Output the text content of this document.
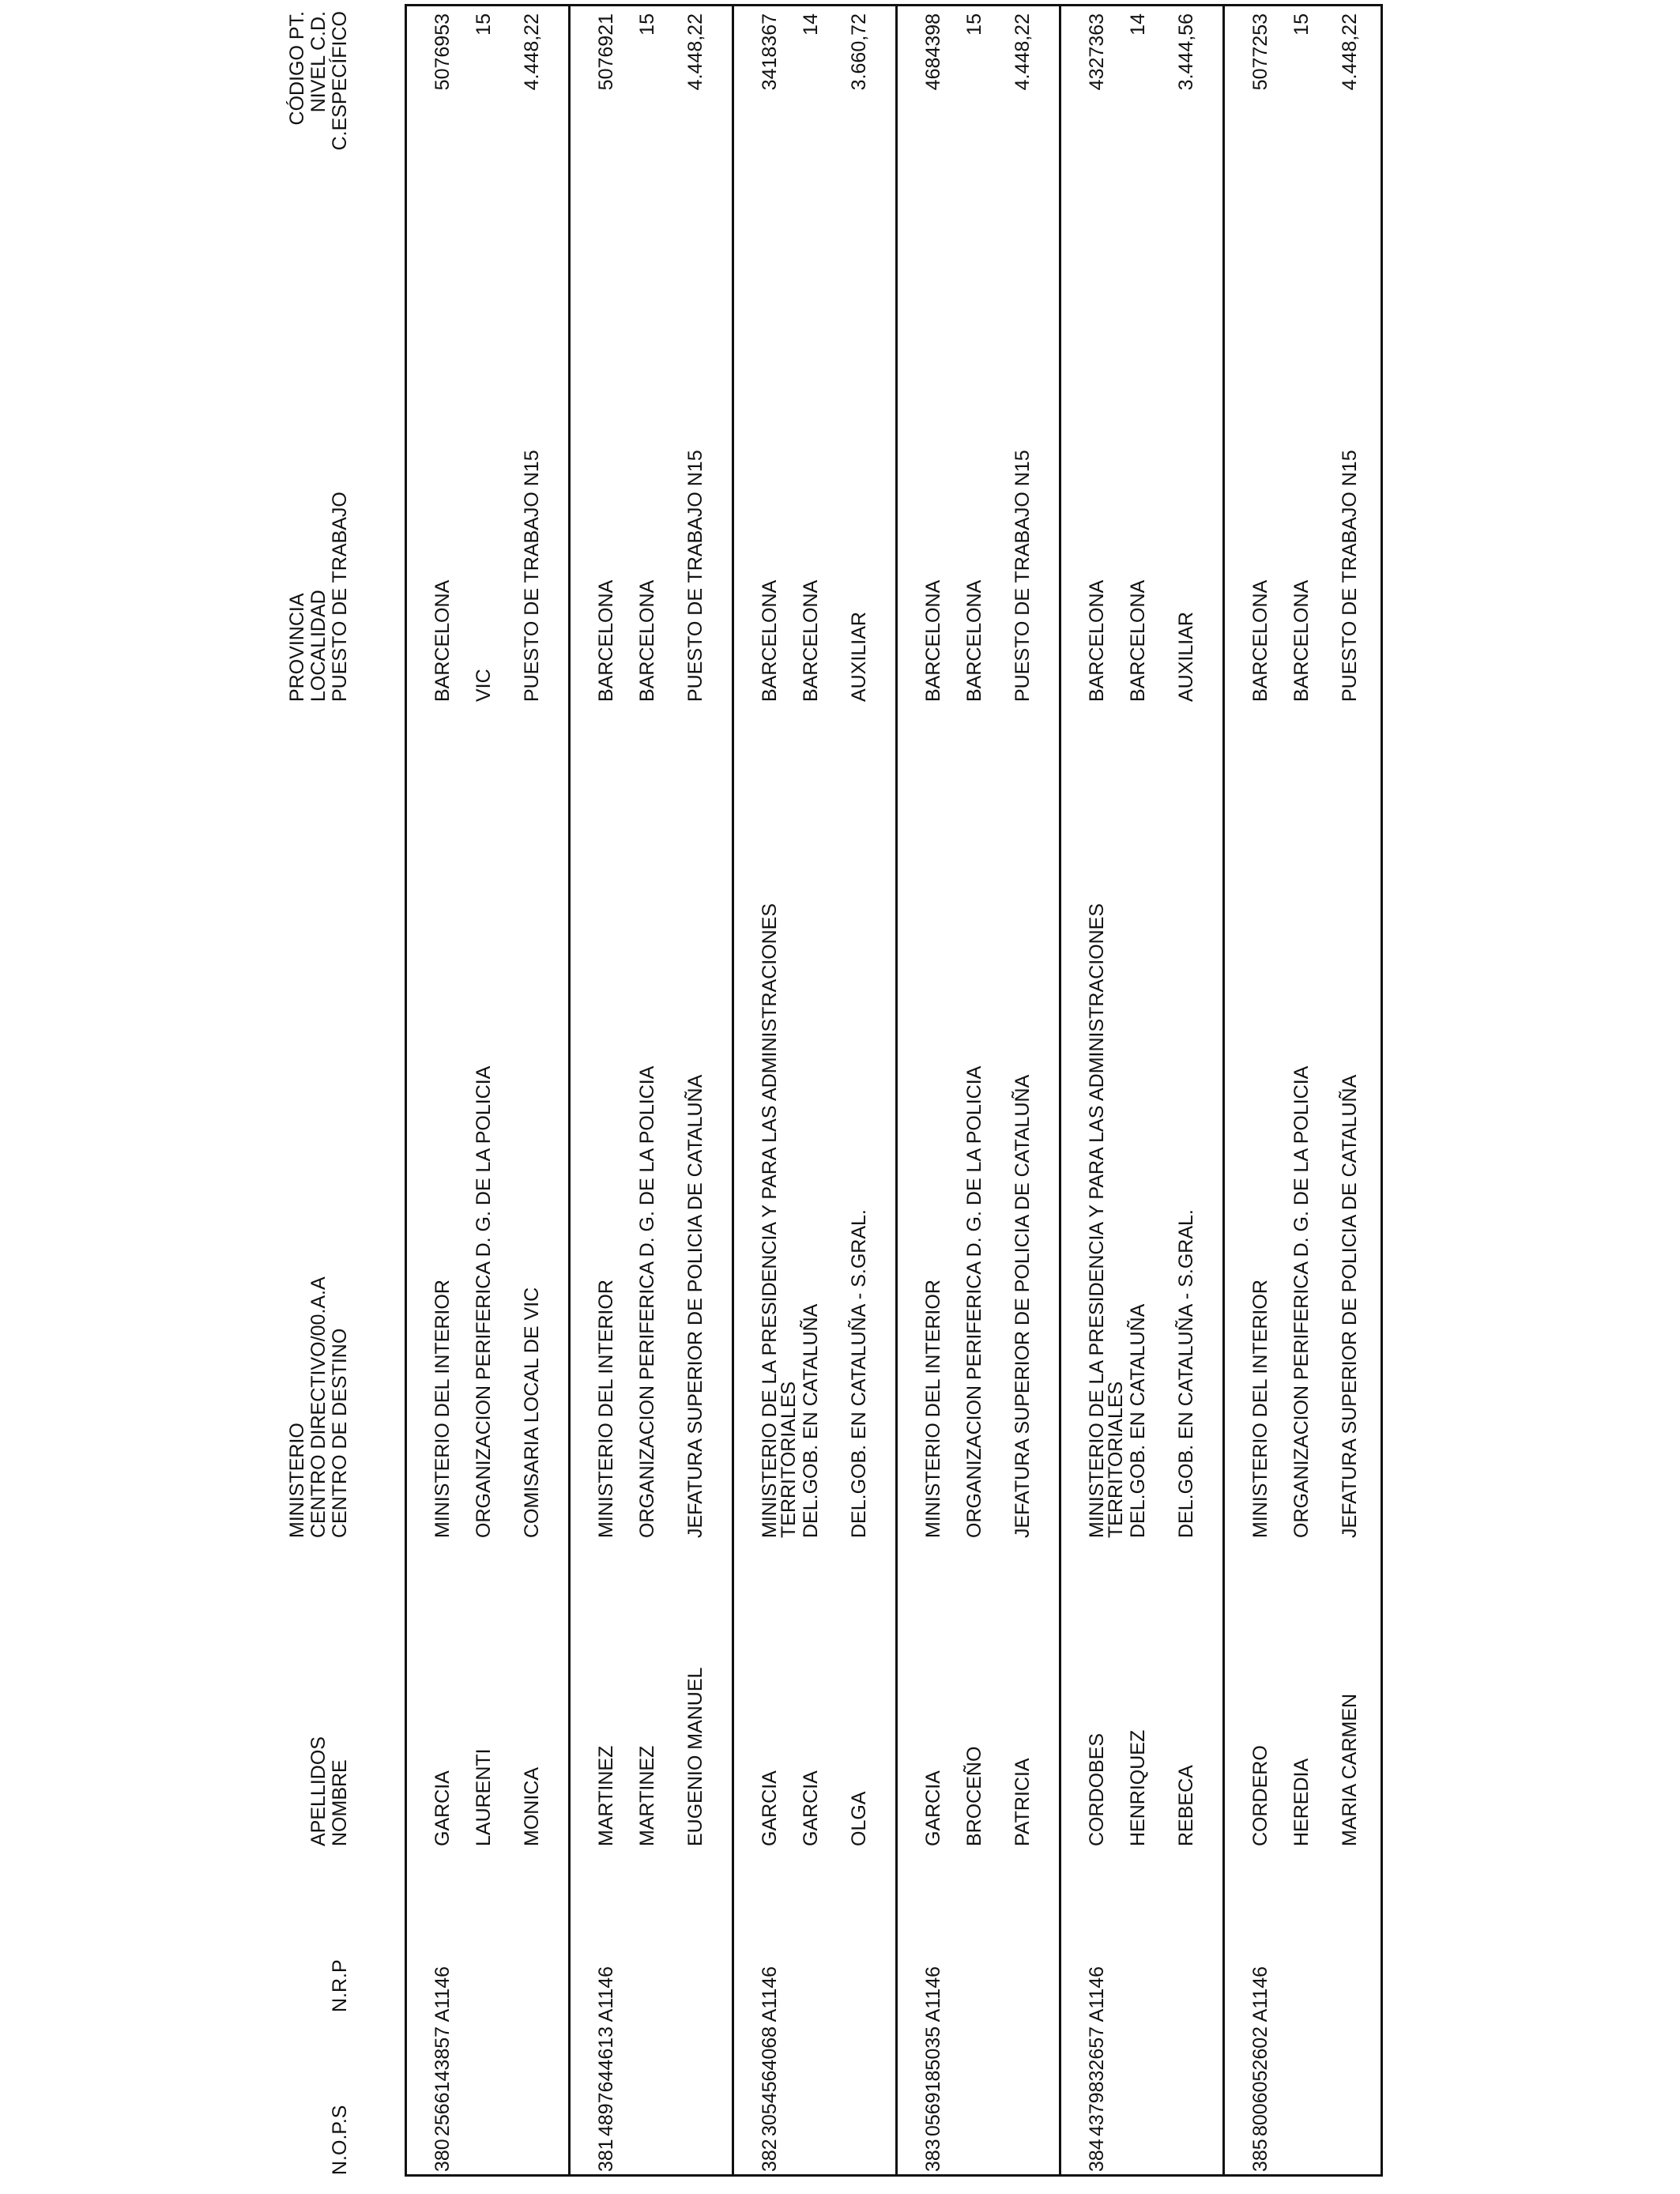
N.O.P.S

N.R.P

APELLIDOS NOMBRE
MINISTERIO CENTRO DIRECTIVO/00.A.A CENTRO DE DESTINO
PROVINCIA LOCALIDAD PUESTO DE TRABAJO
CÓDIGO PT. NIVEL C.D. C.ESPECÍFICO
380
2566143857 A1146
GARCIA LAURENTI MONICA
MINISTERIO DEL INTERIOR ORGANIZACION PERIFERICA D. G. DE LA POLICIA COMISARIA LOCAL DE VIC
BARCELONA VIC PUESTO DE TRABAJO N15
5076953 15 4.448,22
381
4897644613 A1146
MARTINEZ MARTINEZ EUGENIO MANUEL
MINISTERIO DEL INTERIOR ORGANIZACION PERIFERICA D. G. DE LA POLICIA JEFATURA SUPERIOR DE POLICIA DE CATALUÑA
BARCELONA BARCELONA PUESTO DE TRABAJO N15
5076921 15 4.448,22
382
3054564068 A1146
GARCIA GARCIA OLGA
MINISTERIO DE LA PRESIDENCIA Y PARA LAS ADMINISTRACIONES
TERRITORIALES DEL.GOB. EN CATALUÑA DEL.GOB. EN CATALUÑA - S.GRAL.
BARCELONA BARCELONA AUXILIAR
3418367 14 3.660,72
383
0569185035 A1146
GARCIA BROCEÑO PATRICIA
MINISTERIO DEL INTERIOR ORGANIZACION PERIFERICA D. G. DE LA POLICIA JEFATURA SUPERIOR DE POLICIA DE CATALUÑA
BARCELONA BARCELONA PUESTO DE TRABAJO N15
4684398 15 4.448,22
384
4379832657 A1146
CORDOBES HENRIQUEZ REBECA
MINISTERIO DE LA PRESIDENCIA Y PARA LAS ADMINISTRACIONES
TERRITORIALES DEL.GOB. EN CATALUÑA DEL.GOB. EN CATALUÑA - S.GRAL.
BARCELONA BARCELONA AUXILIAR
4327363 14 3.444,56
385
8006052602 A1146
CORDERO HEREDIA MARIA CARMEN
MINISTERIO DEL INTERIOR ORGANIZACION PERIFERICA D. G. DE LA POLICIA JEFATURA SUPERIOR DE POLICIA DE CATALUÑA
BARCELONA BARCELONA PUESTO DE TRABAJO N15
5077253 15 4.448,22
